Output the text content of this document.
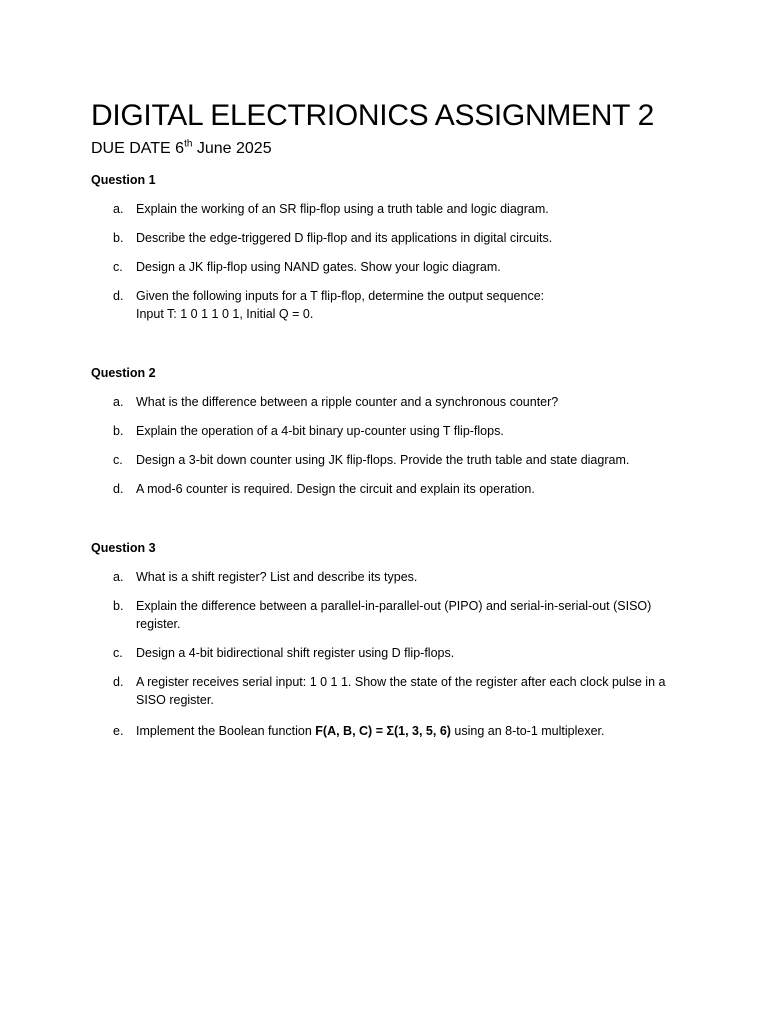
DIGITAL ELECTRIONICS ASSIGNMENT 2
DUE DATE 6th June 2025
Question 1
a.	Explain the working of an SR flip-flop using a truth table and logic diagram.
b.	Describe the edge-triggered D flip-flop and its applications in digital circuits.
c.	Design a JK flip-flop using NAND gates. Show your logic diagram.
d.	Given the following inputs for a T flip-flop, determine the output sequence:
Input T: 1 0 1 1 0 1, Initial Q = 0.
Question 2
a.	What is the difference between a ripple counter and a synchronous counter?
b.	Explain the operation of a 4-bit binary up-counter using T flip-flops.
c.	Design a 3-bit down counter using JK flip-flops. Provide the truth table and state diagram.
d.	A mod-6 counter is required. Design the circuit and explain its operation.
Question 3
a.	What is a shift register? List and describe its types.
b.	Explain the difference between a parallel-in-parallel-out (PIPO) and serial-in-serial-out (SISO)
register.
c.	Design a 4-bit bidirectional shift register using D flip-flops.
d.	A register receives serial input: 1 0 1 1. Show the state of the register after each clock pulse in a
SISO register.
e.	Implement the Boolean function F(A, B, C) = Σ(1, 3, 5, 6) using an 8-to-1 multiplexer.
